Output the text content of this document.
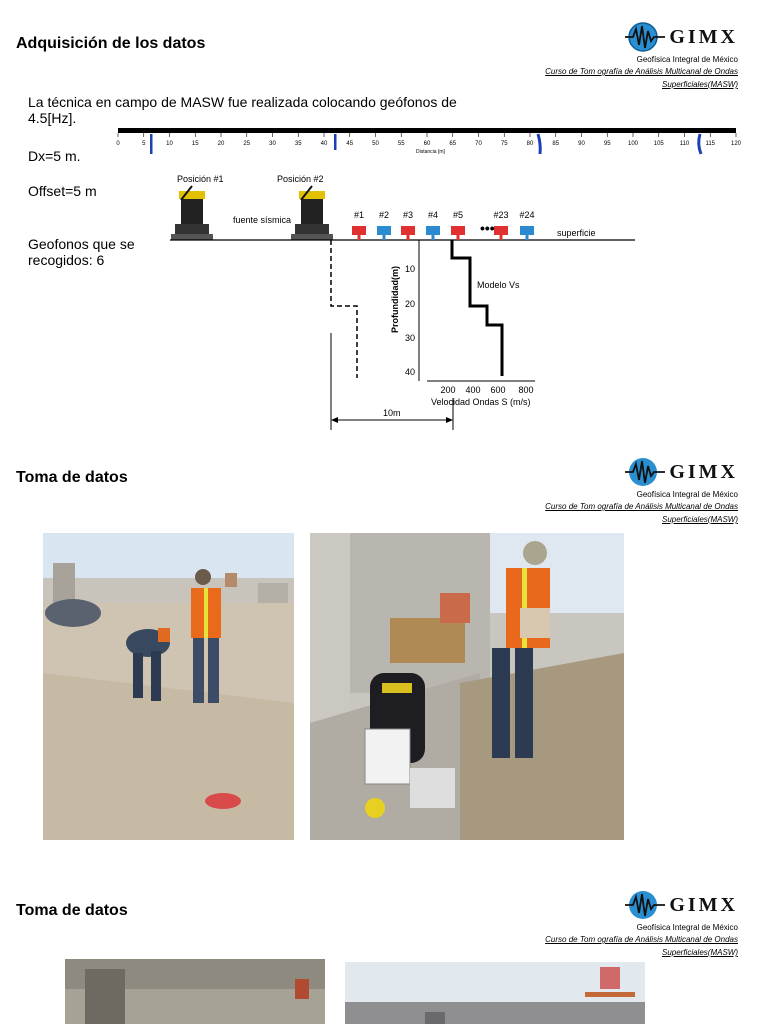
Adquisición de los datos	GIMX
Geofísica Integral de México
Curso de Tom ografía de Análisis Multicanal de Ondas
Superficiales(MASW)
La técnica en campo de MASW fue realizada colocando geófonos de 4.5[Hz].
Dx=5 m.
Offset=5 m
Geofonos que se recogidos: 6
0	5	10	15	20	25	30	35	40	45	50	55	60	65	70	75	80	85	90	95	100	105	110	115	120
Distancia [m]
Posición #1	Posición #2
fuente sísmica
superficie
#1 #2 #3 #4 #5	#23 #24
•••
Modelo Vs
10
20
30
40
200 400 600 800
Profundidad(m)
Velocidad Ondas S (m/s)
10m
Toma de datos	GIMX
Geofísica Integral de México
Curso de Tom ografía de Análisis Multicanal de Ondas
Superficiales(MASW)
Toma de datos	GIMX
Geofísica Integral de México
Curso de Tom ografía de Análisis Multicanal de Ondas
Superficiales(MASW)
